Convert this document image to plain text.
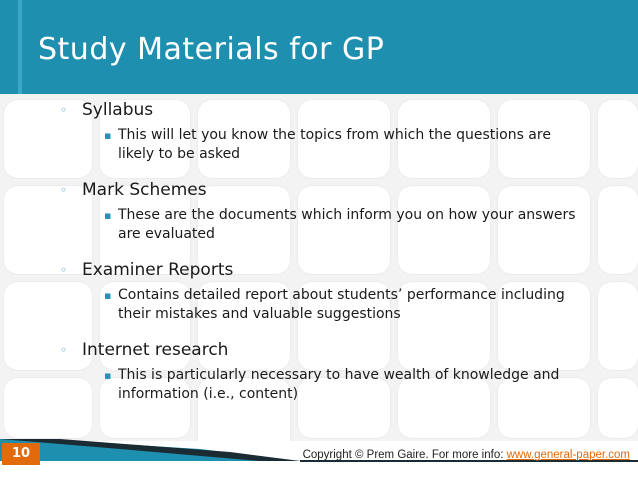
Study Materials for GP
◦ Syllabus
▪ This will let you know the topics from which the questions are likely to be asked
◦ Mark Schemes
▪ These are the documents which inform you on how your answers are evaluated
◦ Examiner Reports
▪ Contains detailed report about students’ performance including their mistakes and valuable suggestions
◦ Internet research
▪ This is particularly necessary to have wealth of knowledge and information (i.e., content)
10	Copyright © Prem Gaire. For more info: www.general-paper.com
